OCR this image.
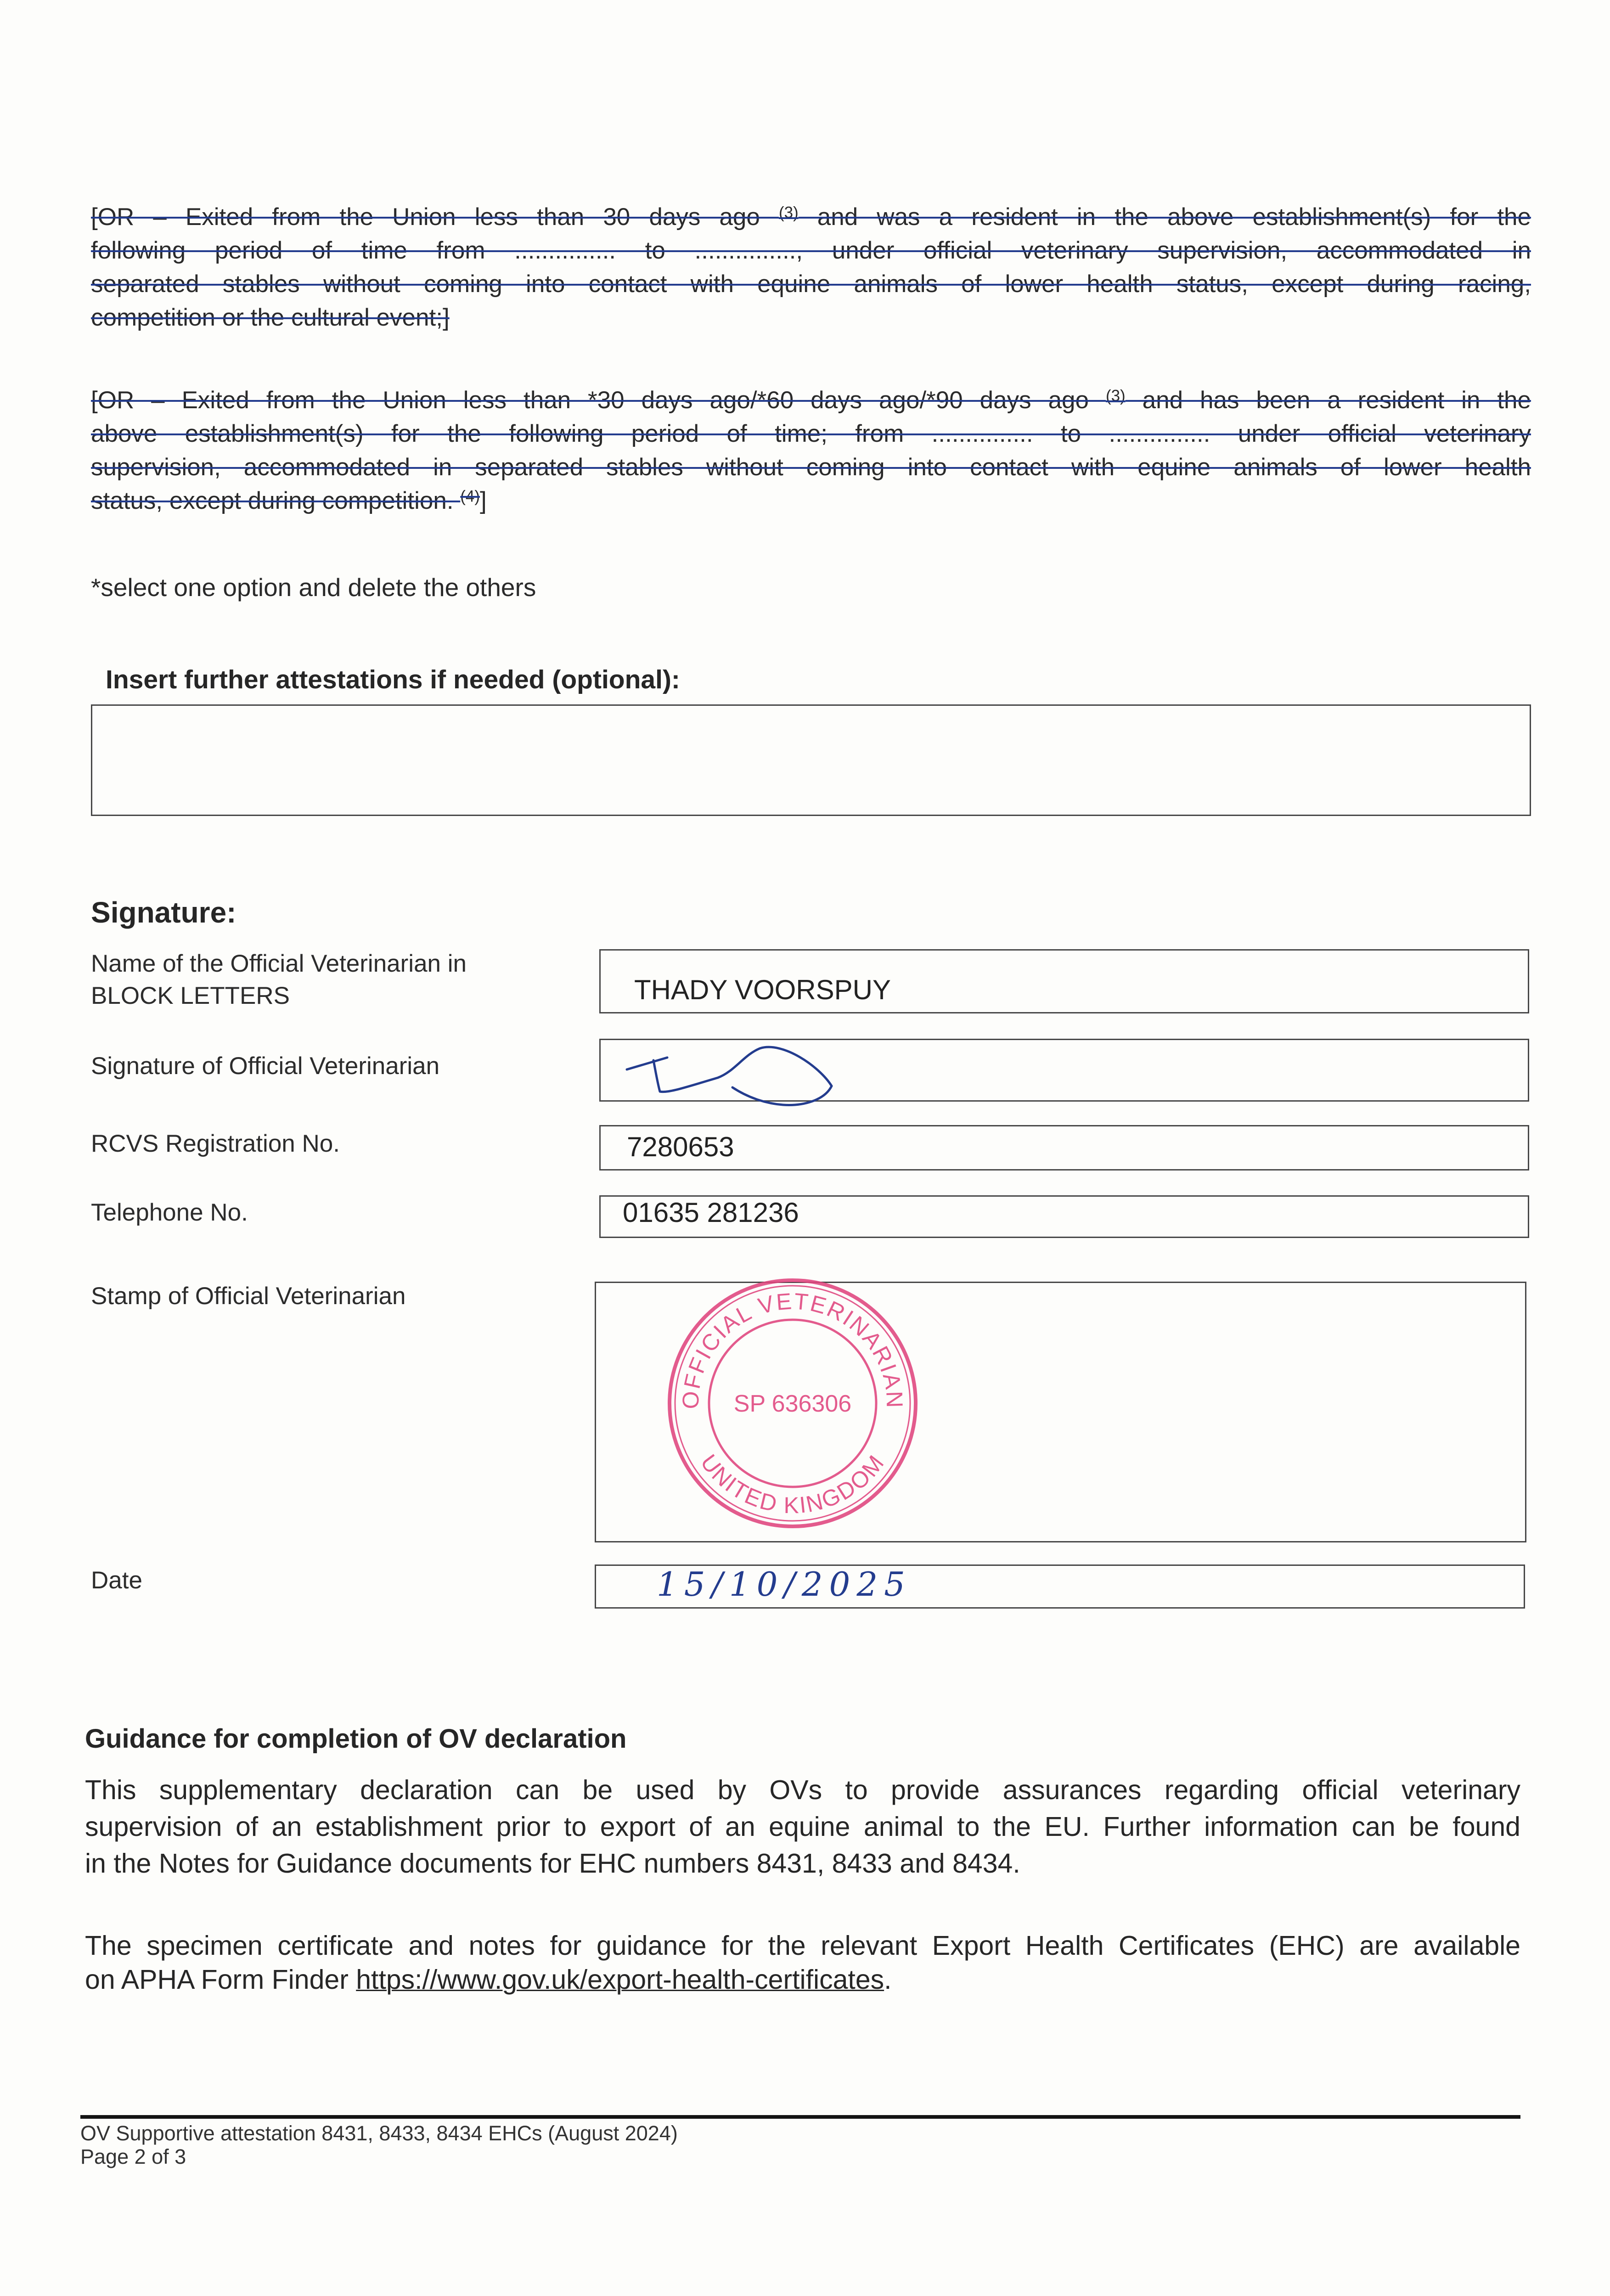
[OR – Exited from the Union less than 30 days ago $^{(3)}$ and was a resident in the above establishment(s) for the
following period of time from ............... to ..............., under official veterinary supervision, accommodated in
separated stables without coming into contact with equine animals of lower health status, except during racing,
competition or the cultural event;]
[OR – Exited from the Union less than *30 days ago/*60 days ago/*90 days ago $^{(3)}$ and has been a resident in the
above establishment(s) for the following period of time; from ............... to ............... under official veterinary
supervision, accommodated in separated stables without coming into contact with equine animals of lower health
status, except during competition. $^{(4)}$]
*select one option and delete the others
Insert further attestations if needed (optional):
Signature:
Name of the Official Veterinarian in
BLOCK LETTERS	THADY VOORSPUY
Signature of Official Veterinarian
RCVS Registration No.	7280653
Telephone No.	01635 281236
Stamp of Official Veterinarian
OFFICIAL VETERINARIAN
UNITED KINGDOM
SP 636306
Date	15/10/2025
Guidance for completion of OV declaration
This supplementary declaration can be used by OVs to provide assurances regarding official veterinary
supervision of an establishment prior to export of an equine animal to the EU. Further information can be found
in the Notes for Guidance documents for EHC numbers 8431, 8433 and 8434.
The specimen certificate and notes for guidance for the relevant Export Health Certificates (EHC) are available
on APHA Form Finder https://www.gov.uk/export-health-certificates.
OV Supportive attestation 8431, 8433, 8434 EHCs (August 2024)
Page 2 of 3
